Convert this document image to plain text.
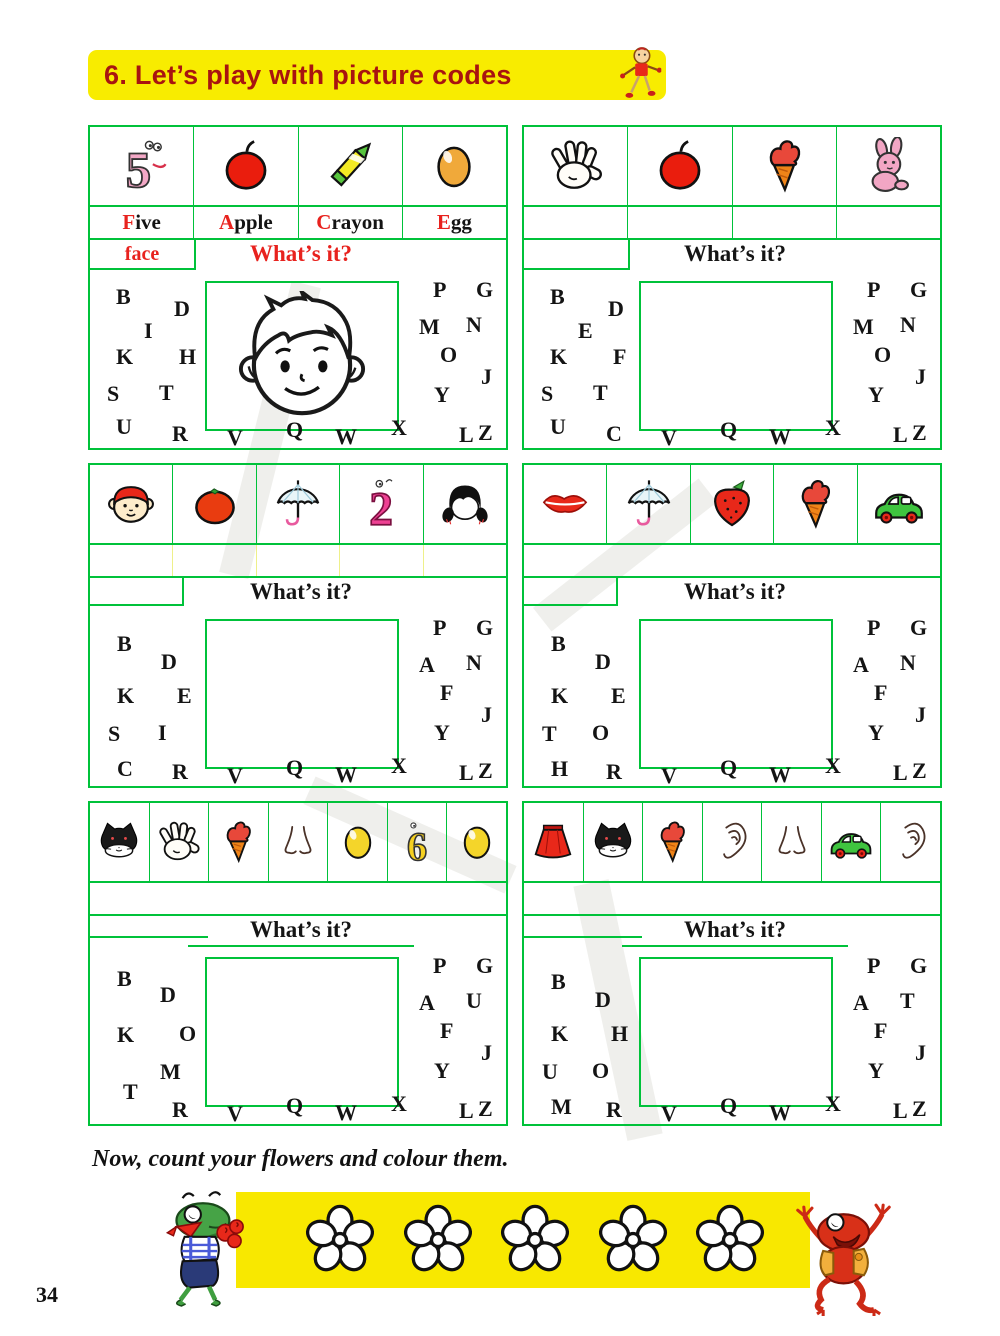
6. Let’s play with picture codes
F ive	A pple C rayon	E gg
face	What’s it?
B D
I
K H
S T
U R V Q W X
P G
M N
O
J
Y
L Z
What’s it?
B D
E
K F
S T
U C V Q W X
P G
M N
O
J
Y
L Z
What’s it?
B
D
K E
S I
C R V Q W X
P G
A N
F
J
Y
L Z
What’s it?
B
D
K E
T O
H R V Q W X
P G
A N
F
J
Y
L Z
What’s it?
B
D
K O
M
T
R V Q W X
P G
A U
F
J
Y
L Z
What’s it?
B
D
K H
U O
M R V Q W X
P G
A T
F
J
Y
L Z
Now, count your flowers and colour them.
34
